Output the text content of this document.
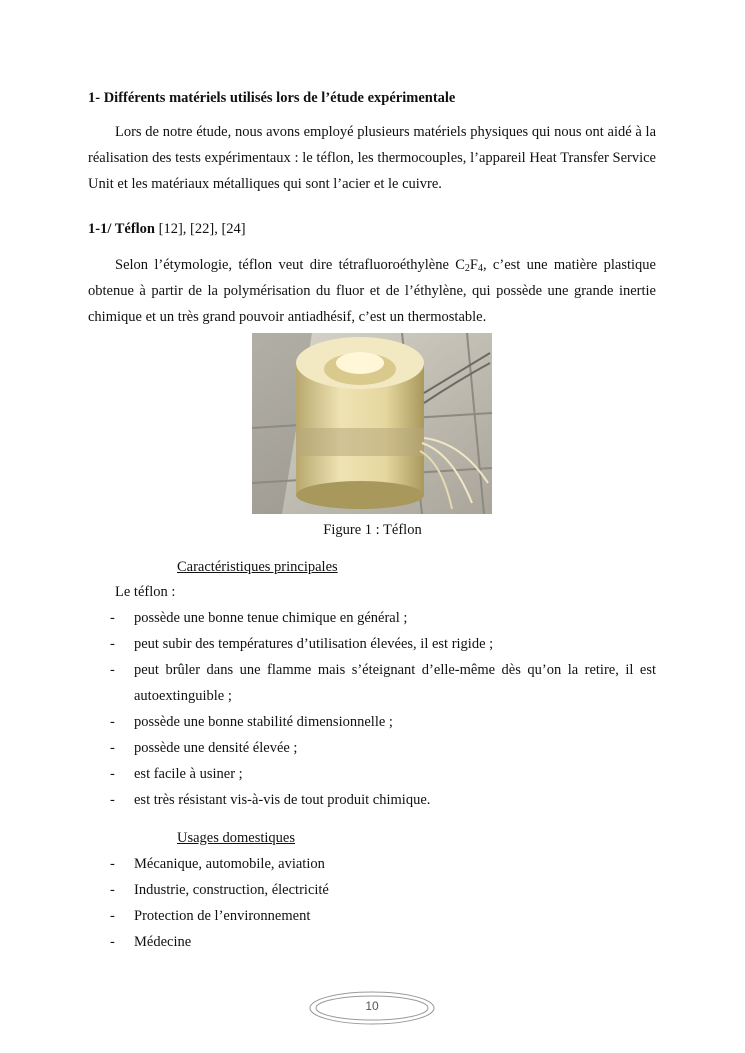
1- Différents matériels utilisés lors de l’étude expérimentale
Lors de notre étude, nous avons employé plusieurs matériels physiques qui nous ont aidé à la réalisation des tests expérimentaux : le téflon, les thermocouples, l’appareil Heat Transfer Service Unit et les matériaux métalliques qui sont l’acier et le cuivre.
1-1/ Téflon [12], [22], [24]
Selon l’étymologie, téflon veut dire tétrafluoroéthylène $C_2F_4$, c’est une matière plastique obtenue à partir de la polymérisation du fluor et de l’éthylène, qui possède une grande inertie chimique et un très grand pouvoir antiadhésif, c’est un thermostable.
Figure 1 : Téflon
Caractéristiques principales
Le téflon :
- possède une bonne tenue chimique en général ;
- peut subir des températures d’utilisation élevées, il est rigide ;
- peut brûler dans une flamme mais s’éteignant d’elle-même dès qu’on la retire, il est autoextinguible ;
- possède une bonne stabilité dimensionnelle ;
- possède une densité élevée ;
- est facile à usiner ;
- est très résistant vis-à-vis de tout produit chimique.
Usages domestiques
- Mécanique, automobile, aviation
- Industrie, construction, électricité
- Protection de l’environnement
- Médecine
10
